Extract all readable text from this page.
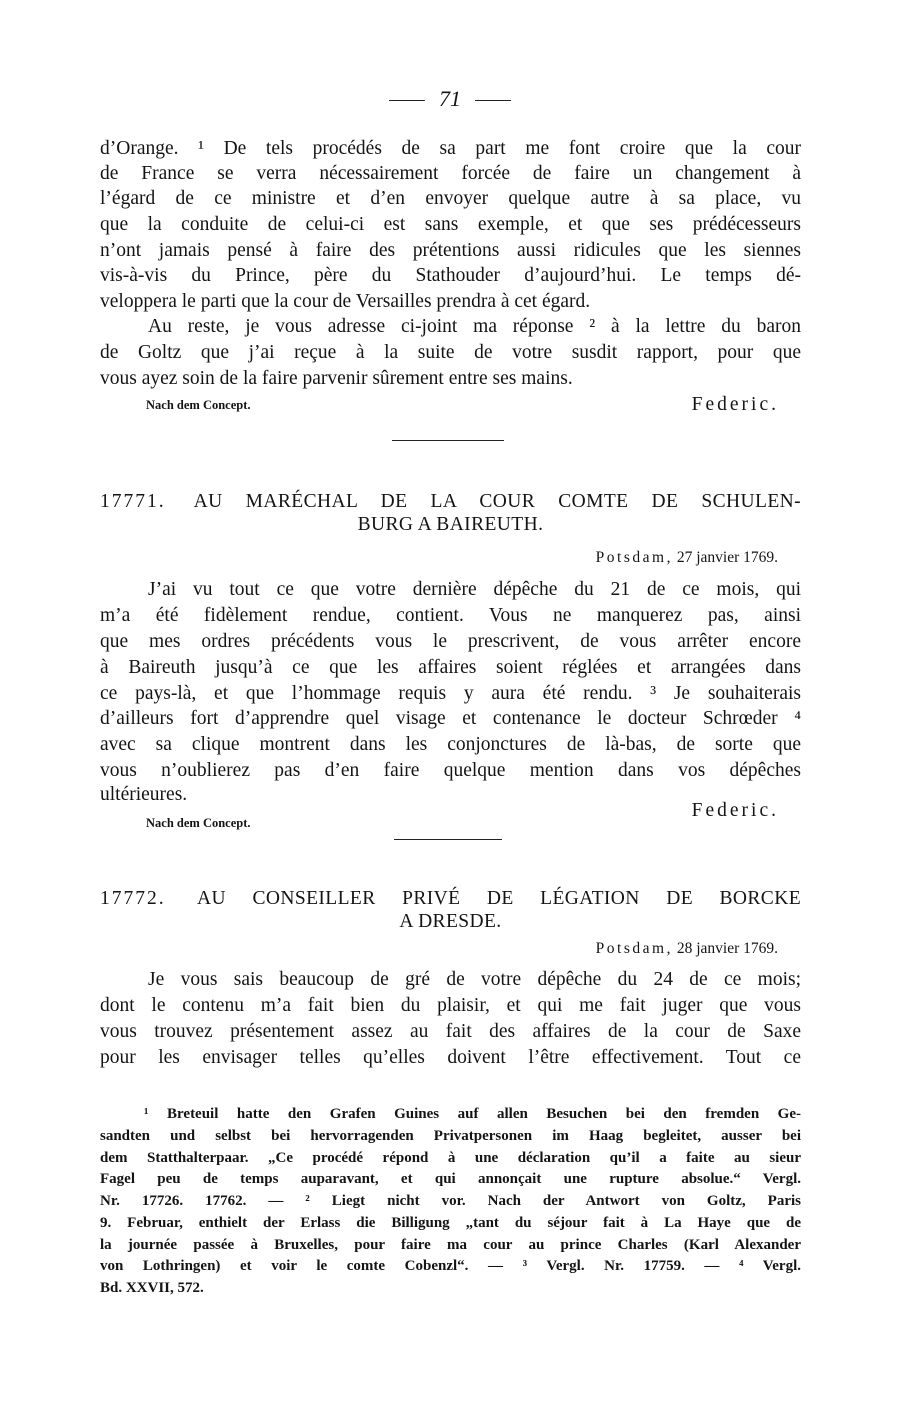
71
d’Orange. ¹ De tels procédés de sa part me font croire que la cour
de France se verra nécessairement forcée de faire un changement à
l’égard de ce ministre et d’en envoyer quelque autre à sa place, vu
que la conduite de celui-ci est sans exemple, et que ses prédécesseurs
n’ont jamais pensé à faire des prétentions aussi ridicules que les siennes
vis-à-vis du Prince, père du Stathouder d’aujourd’hui. Le temps dé-
veloppera le parti que la cour de Versailles prendra à cet égard.
Au reste, je vous adresse ci-joint ma réponse ² à la lettre du baron
de Goltz que j’ai reçue à la suite de votre susdit rapport, pour que
vous ayez soin de la faire parvenir sûrement entre ses mains.
Nach dem Concept.	Federic.
17771. AU MARÉCHAL DE LA COUR COMTE DE SCHULEN-
BURG A BAIREUTH.
Potsdam, 27 janvier 1769.
J’ai vu tout ce que votre dernière dépêche du 21 de ce mois, qui
m’a été fidèlement rendue, contient. Vous ne manquerez pas, ainsi
que mes ordres précédents vous le prescrivent, de vous arrêter encore
à Baireuth jusqu’à ce que les affaires soient réglées et arrangées dans
ce pays-là, et que l’hommage requis y aura été rendu. ³ Je souhaiterais
d’ailleurs fort d’apprendre quel visage et contenance le docteur Schrœder ⁴
avec sa clique montrent dans les conjonctures de là-bas, de sorte que
vous n’oublierez pas d’en faire quelque mention dans vos dépêches
ultérieures.
Federic.
Nach dem Concept.
17772. AU CONSEILLER PRIVÉ DE LÉGATION DE BORCKE
A DRESDE.
Potsdam, 28 janvier 1769.
Je vous sais beaucoup de gré de votre dépêche du 24 de ce mois;
dont le contenu m’a fait bien du plaisir, et qui me fait juger que vous
vous trouvez présentement assez au fait des affaires de la cour de Saxe
pour les envisager telles qu’elles doivent l’être effectivement. Tout ce
¹ Breteuil hatte den Grafen Guines auf allen Besuchen bei den fremden Ge-
sandten und selbst bei hervorragenden Privatpersonen im Haag begleitet, ausser bei
dem Statthalterpaar. „Ce procédé répond à une déclaration qu’il a faite au sieur
Fagel peu de temps auparavant, et qui annonçait une rupture absolue.“ Vergl.
Nr. 17726. 17762. — ² Liegt nicht vor. Nach der Antwort von Goltz, Paris
9. Februar, enthielt der Erlass die Billigung „tant du séjour fait à La Haye que de
la journée passée à Bruxelles, pour faire ma cour au prince Charles (Karl Alexander
von Lothringen) et voir le comte Cobenzl“. — ³ Vergl. Nr. 17759. — ⁴ Vergl.
Bd. XXVII, 572.
